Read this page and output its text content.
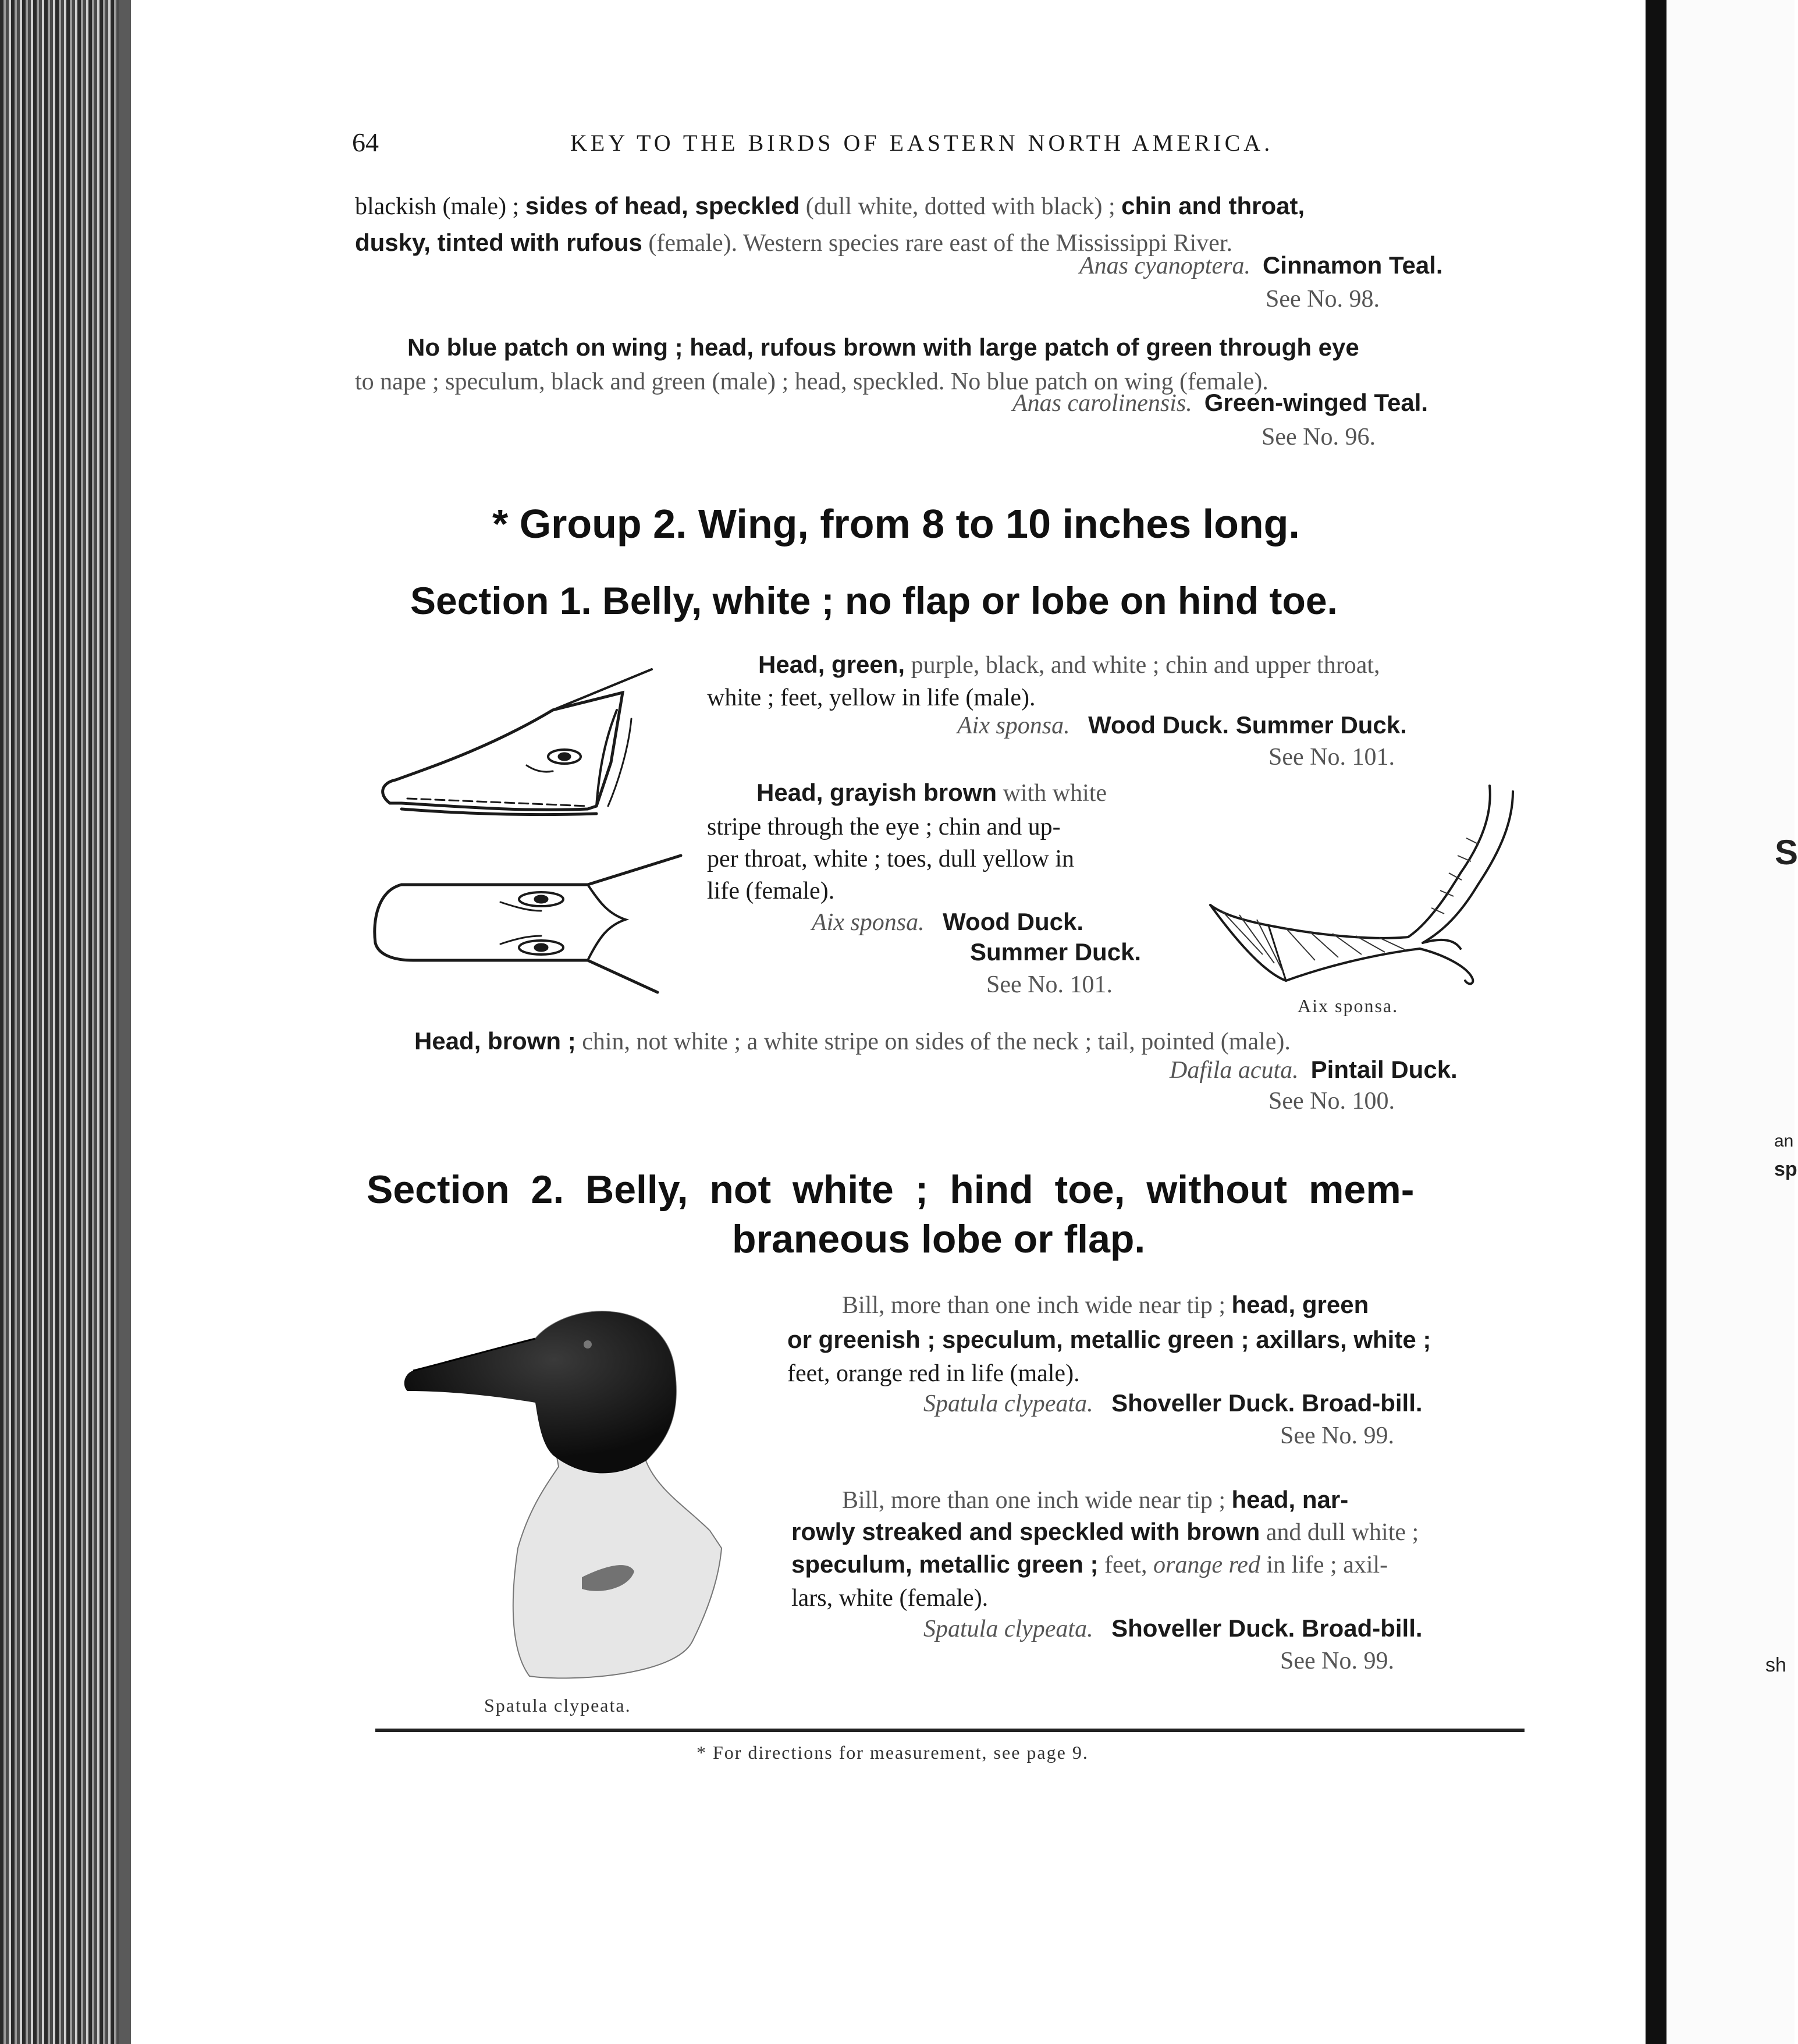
S
an
sp
sh
64	KEY TO THE BIRDS OF EASTERN NORTH AMERICA.
blackish (male) ; sides of head, speckled (dull white, dotted with black) ; chin and throat,
dusky, tinted with rufous (female). Western species rare east of the Mississippi River.
Anas cyanoptera. Cinnamon Teal.
See No. 98.
No blue patch on wing ; head, rufous brown with large patch of green through eye
to nape ; speculum, black and green (male) ; head, speckled. No blue patch on wing (female).
Anas carolinensis. Green-winged Teal.
See No. 96.
* Group 2. Wing, from 8 to 10 inches long.
Section 1. Belly, white ; no flap or lobe on hind toe.
Head, green, purple, black, and white ; chin and upper throat,
white ; feet, yellow in life (male).
Aix sponsa. Wood Duck. Summer Duck.
See No. 101.
Head, grayish brown with white
stripe through the eye ; chin and up-
per throat, white ; toes, dull yellow in
life (female).
Aix sponsa. Wood Duck.
Summer Duck.
See No. 101.
Aix sponsa.
Head, brown ; chin, not white ; a white stripe on sides of the neck ; tail, pointed (male).
Dafila acuta. Pintail Duck.
See No. 100.
Section 2. Belly, not white ; hind toe, without mem-
braneous lobe or flap.
Spatula clypeata.
Bill, more than one inch wide near tip ; head, green
or greenish ; speculum, metallic green ; axillars, white ;
feet, orange red in life (male).
Spatula clypeata. Shoveller Duck. Broad-bill.
See No. 99.
Bill, more than one inch wide near tip ; head, nar-
rowly streaked and speckled with brown and dull white ;
speculum, metallic green ; feet, orange red in life ; axil-
lars, white (female).
Spatula clypeata. Shoveller Duck. Broad-bill.
See No. 99.
* For directions for measurement, see page 9.
